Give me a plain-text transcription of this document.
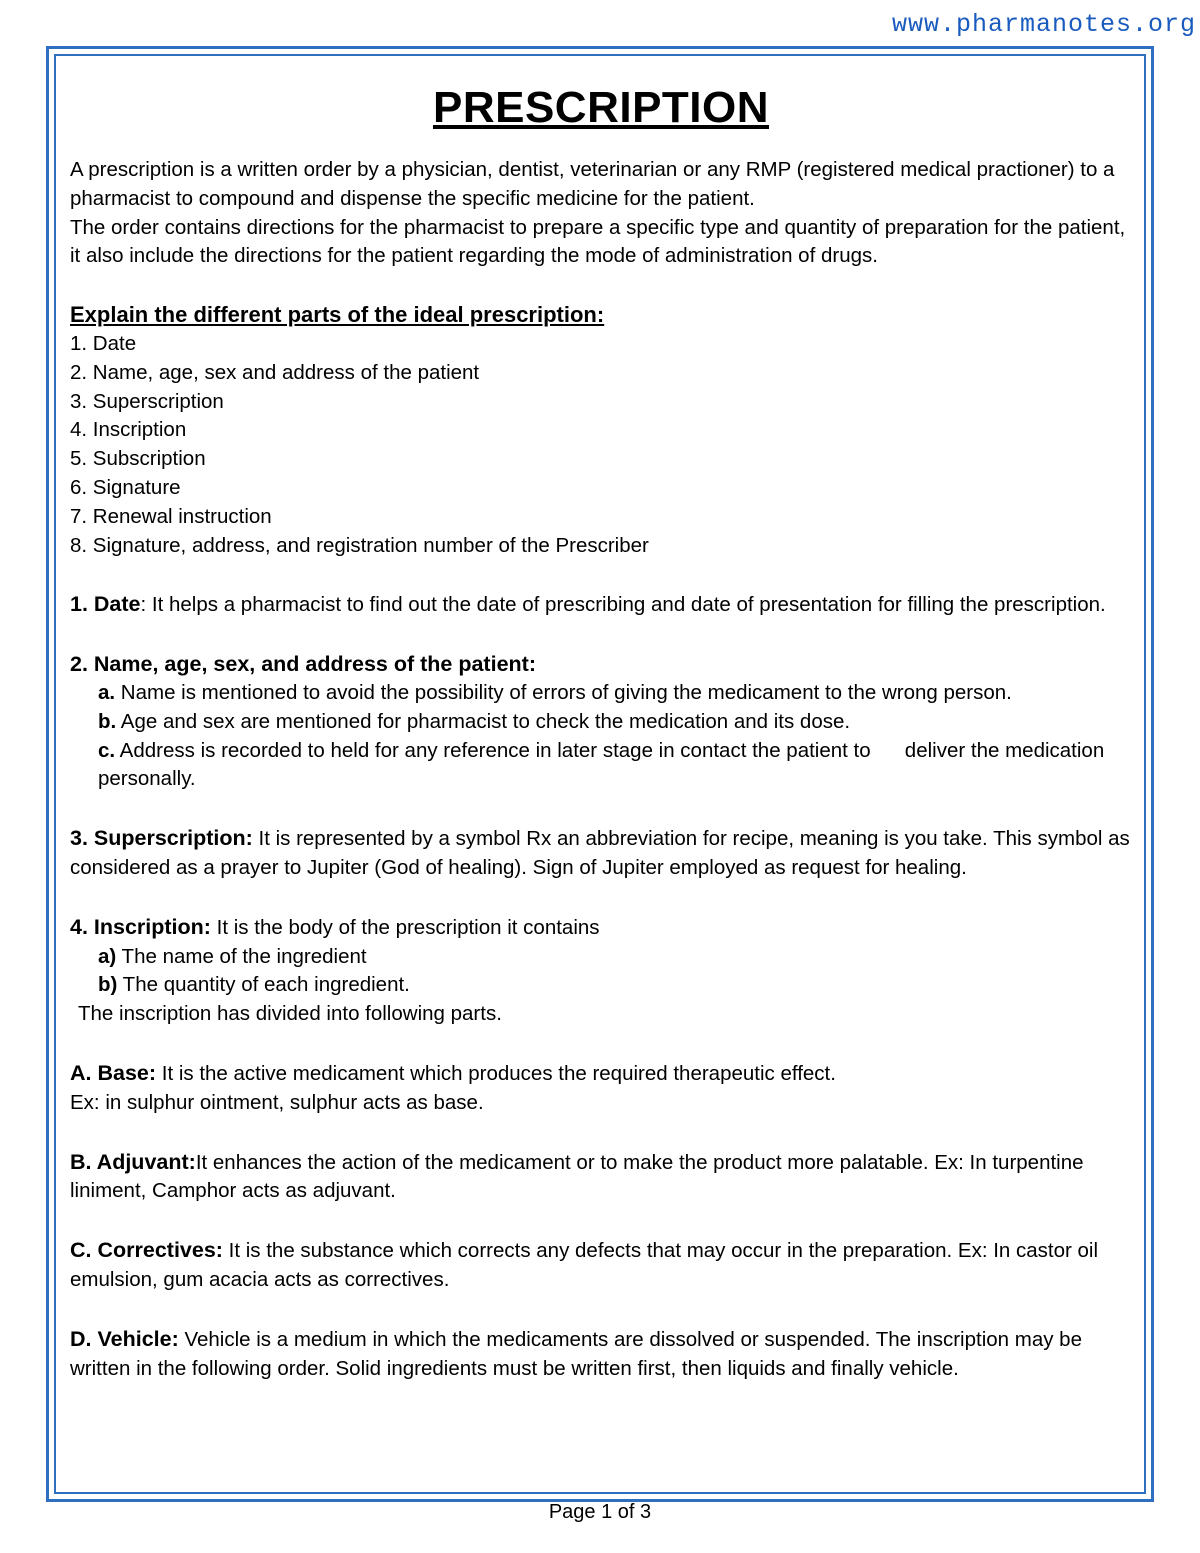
www.pharmanotes.org
PRESCRIPTION

A prescription is a written order by a physician, dentist, veterinarian or any RMP (registered medical practioner) to a pharmacist to compound and dispense the specific medicine for the patient.

The order contains directions for the pharmacist to prepare a specific type and quantity of preparation for the patient, it also include the directions for the patient regarding the mode of administration of drugs.

Explain the different parts of the ideal prescription:

1. Date

2. Name, age, sex and address of the patient

3. Superscription

4. Inscription

5. Subscription

6. Signature

7. Renewal instruction

8. Signature, address, and registration number of the Prescriber

1. Date: It helps a pharmacist to find out the date of prescribing and date of presentation for filling the prescription.

2. Name, age, sex, and address of the patient:

a. Name is mentioned to avoid the possibility of errors of giving the medicament to the wrong person.

b. Age and sex are mentioned for pharmacist to check the medication and its dose.

c. Address is recorded to held for any reference in later stage in contact the patient to      deliver the medication personally.

3. Superscription: It is represented by a symbol Rx an abbreviation for recipe, meaning is you take. This symbol as considered as a prayer to Jupiter (God of healing). Sign of Jupiter employed as request for healing.

4. Inscription: It is the body of the prescription it contains

a) The name of the ingredient

b) The quantity of each ingredient.

The inscription has divided into following parts.

A. Base: It is the active medicament which produces the required therapeutic effect.

Ex: in sulphur ointment, sulphur acts as base.

B. Adjuvant:It enhances the action of the medicament or to make the product more palatable. Ex: In turpentine liniment, Camphor acts as adjuvant.

C. Correctives: It is the substance which corrects any defects that may occur in the preparation. Ex: In castor oil emulsion, gum acacia acts as correctives.

D. Vehicle: Vehicle is a medium in which the medicaments are dissolved or suspended. The inscription may be written in the following order. Solid ingredients must be written first, then liquids and finally vehicle.

Page 1 of 3
